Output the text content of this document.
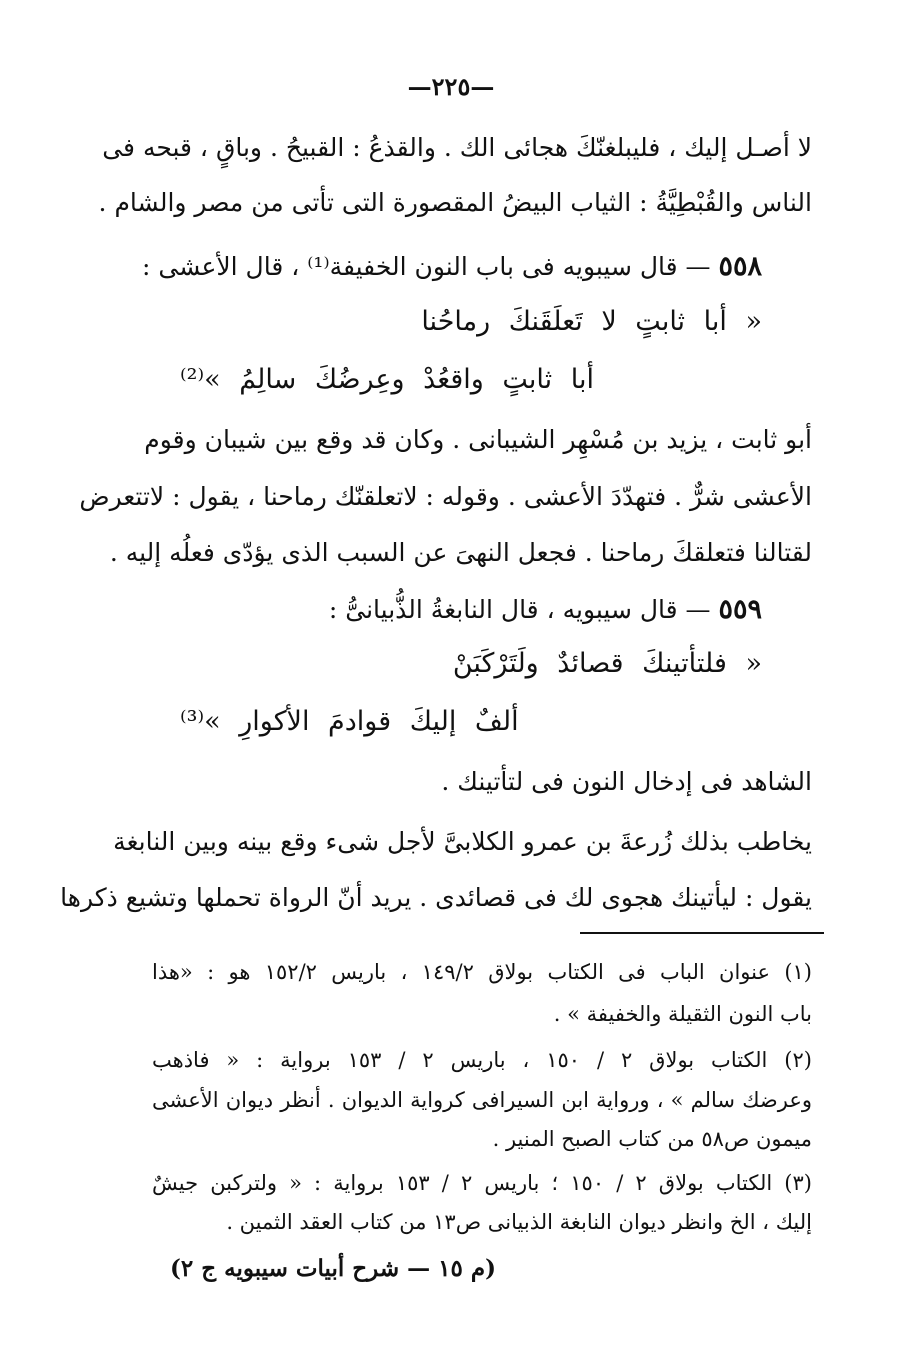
—٢٢٥—
لا أصـل إليك ، فليبلغنّكَ هجائى الك . والقذعُ : القبيحُ . وباقٍ ، قبحه فى
الناس والقُبْطِيَّةُ : الثياب البيضُ المقصورة التى تأتى من مصر والشام .
٥٥٨ — قال سيبويه فى باب النون الخفيفة⁽¹⁾ ، قال الأعشى :
« أبا ثابتٍ لا تَعلَقَنكَ رماحُنا
أبا ثابتٍ واقعُدْ وعِرضُكَ سالِمُ »⁽²⁾
أبو ثابت ، يزيد بن مُسْهِر الشيبانى . وكان قد وقع بين شيبان وقوم
الأعشى شرٌّ . فتهدّدَ الأعشى . وقوله : لاتعلقنّك رماحنا ، يقول : لاتتعرض
لقتالنا فتعلقكَ رماحنا . فجعل النهىَ عن السبب الذى يؤدّى فعلُه إليه .
٥٥٩ — قال سيبويه ، قال النابغةُ الذُّبيانىُّ :
« فلتأتينكَ قصائدٌ ولَتَرْكَبَنْ
ألفٌ إليكَ قوادمَ الأكوارِ »⁽³⁾
الشاهد فى إدخال النون فى لتأتينك .
يخاطب بذلك زُرعةَ بن عمرو الكلابىَّ لأجل شىء وقع بينه وبين النابغة
يقول : ليأتينك هجوى لك فى قصائدى . يريد أنّ الرواة تحملها وتشيع ذكرها
(١) عنوان الباب فى الكتاب بولاق ١٤٩/٢ ، باريس ١٥٢/٢ هو : «هذا
باب النون الثقيلة والخفيفة » .
(٢) الكتاب بولاق ٢ / ١٥٠ ، باريس ٢ / ١٥٣ برواية : « فاذهب
وعرضك سالم » ، ورواية ابن السيرافى كرواية الديوان . أنظر ديوان الأعشى
ميمون ص٥٨ من كتاب الصبح المنير .
(٣) الكتاب بولاق ٢ / ١٥٠ ؛ باريس ٢ / ١٥٣ برواية : « ولتركبن جيشٌ
إليك ، الخ وانظر ديوان النابغة الذبيانى ص١٣ من كتاب العقد الثمين .
(م ١٥ — شرح أبيات سيبويه ج ٢)
